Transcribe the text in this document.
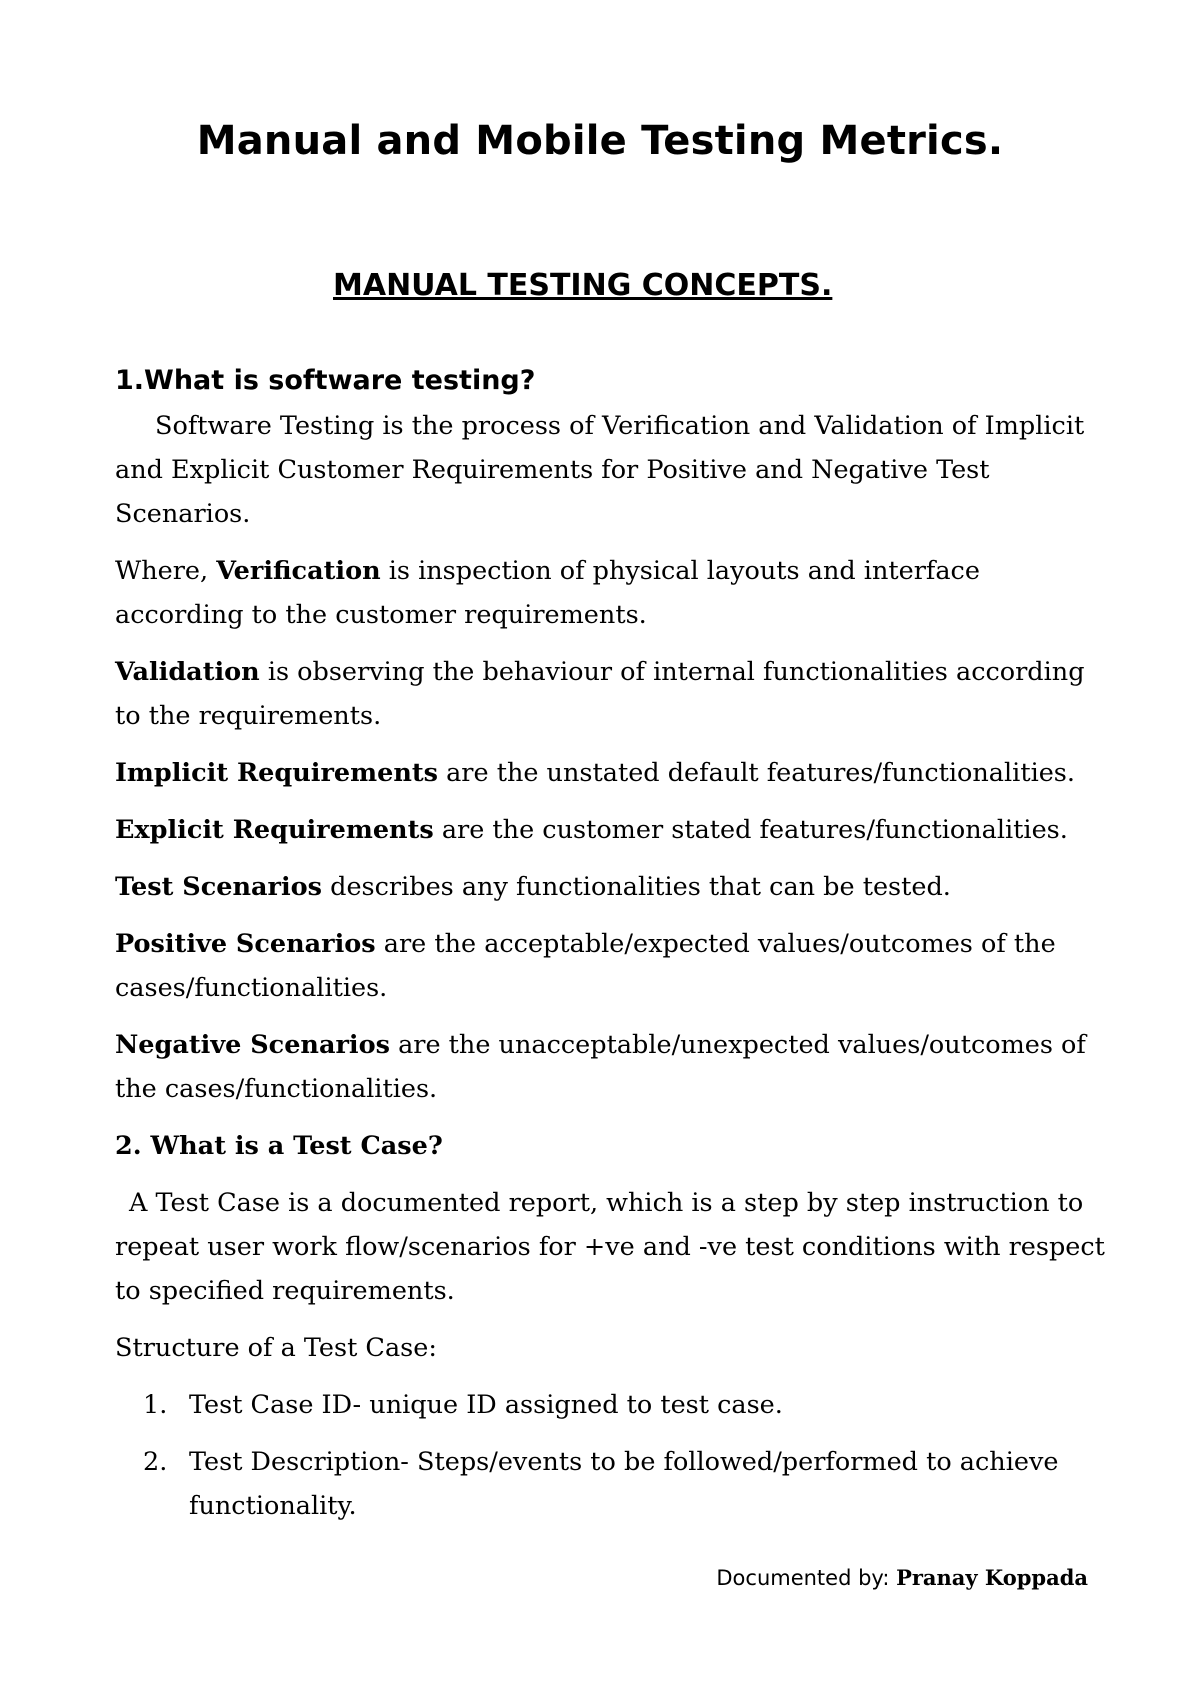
Manual and Mobile Testing Metrics.
MANUAL TESTING CONCEPTS.

1.What is software testing?

Software Testing is the process of Verification and Validation of Implicit and Explicit Customer Requirements for Positive and Negative Test Scenarios.

Where, Verification is inspection of physical layouts and interface according to the customer requirements.

Validation is observing the behaviour of internal functionalities according to the requirements.

Implicit Requirements are the unstated default features/functionalities.

Explicit Requirements are the customer stated features/functionalities.

Test Scenarios describes any functionalities that can be tested.

Positive Scenarios are the acceptable/expected values/outcomes of the cases/functionalities.

Negative Scenarios are the unacceptable/unexpected values/outcomes of the cases/functionalities.

2. What is a Test Case?

A Test Case is a documented report, which is a step by step instruction to repeat user work flow/scenarios for +ve and -ve test conditions with respect to specified requirements.

Structure of a Test Case:

1. Test Case ID- unique ID assigned to test case.
2. Test Description- Steps/events to be followed/performed to achieve functionality.
Documented by: Pranay Koppada
